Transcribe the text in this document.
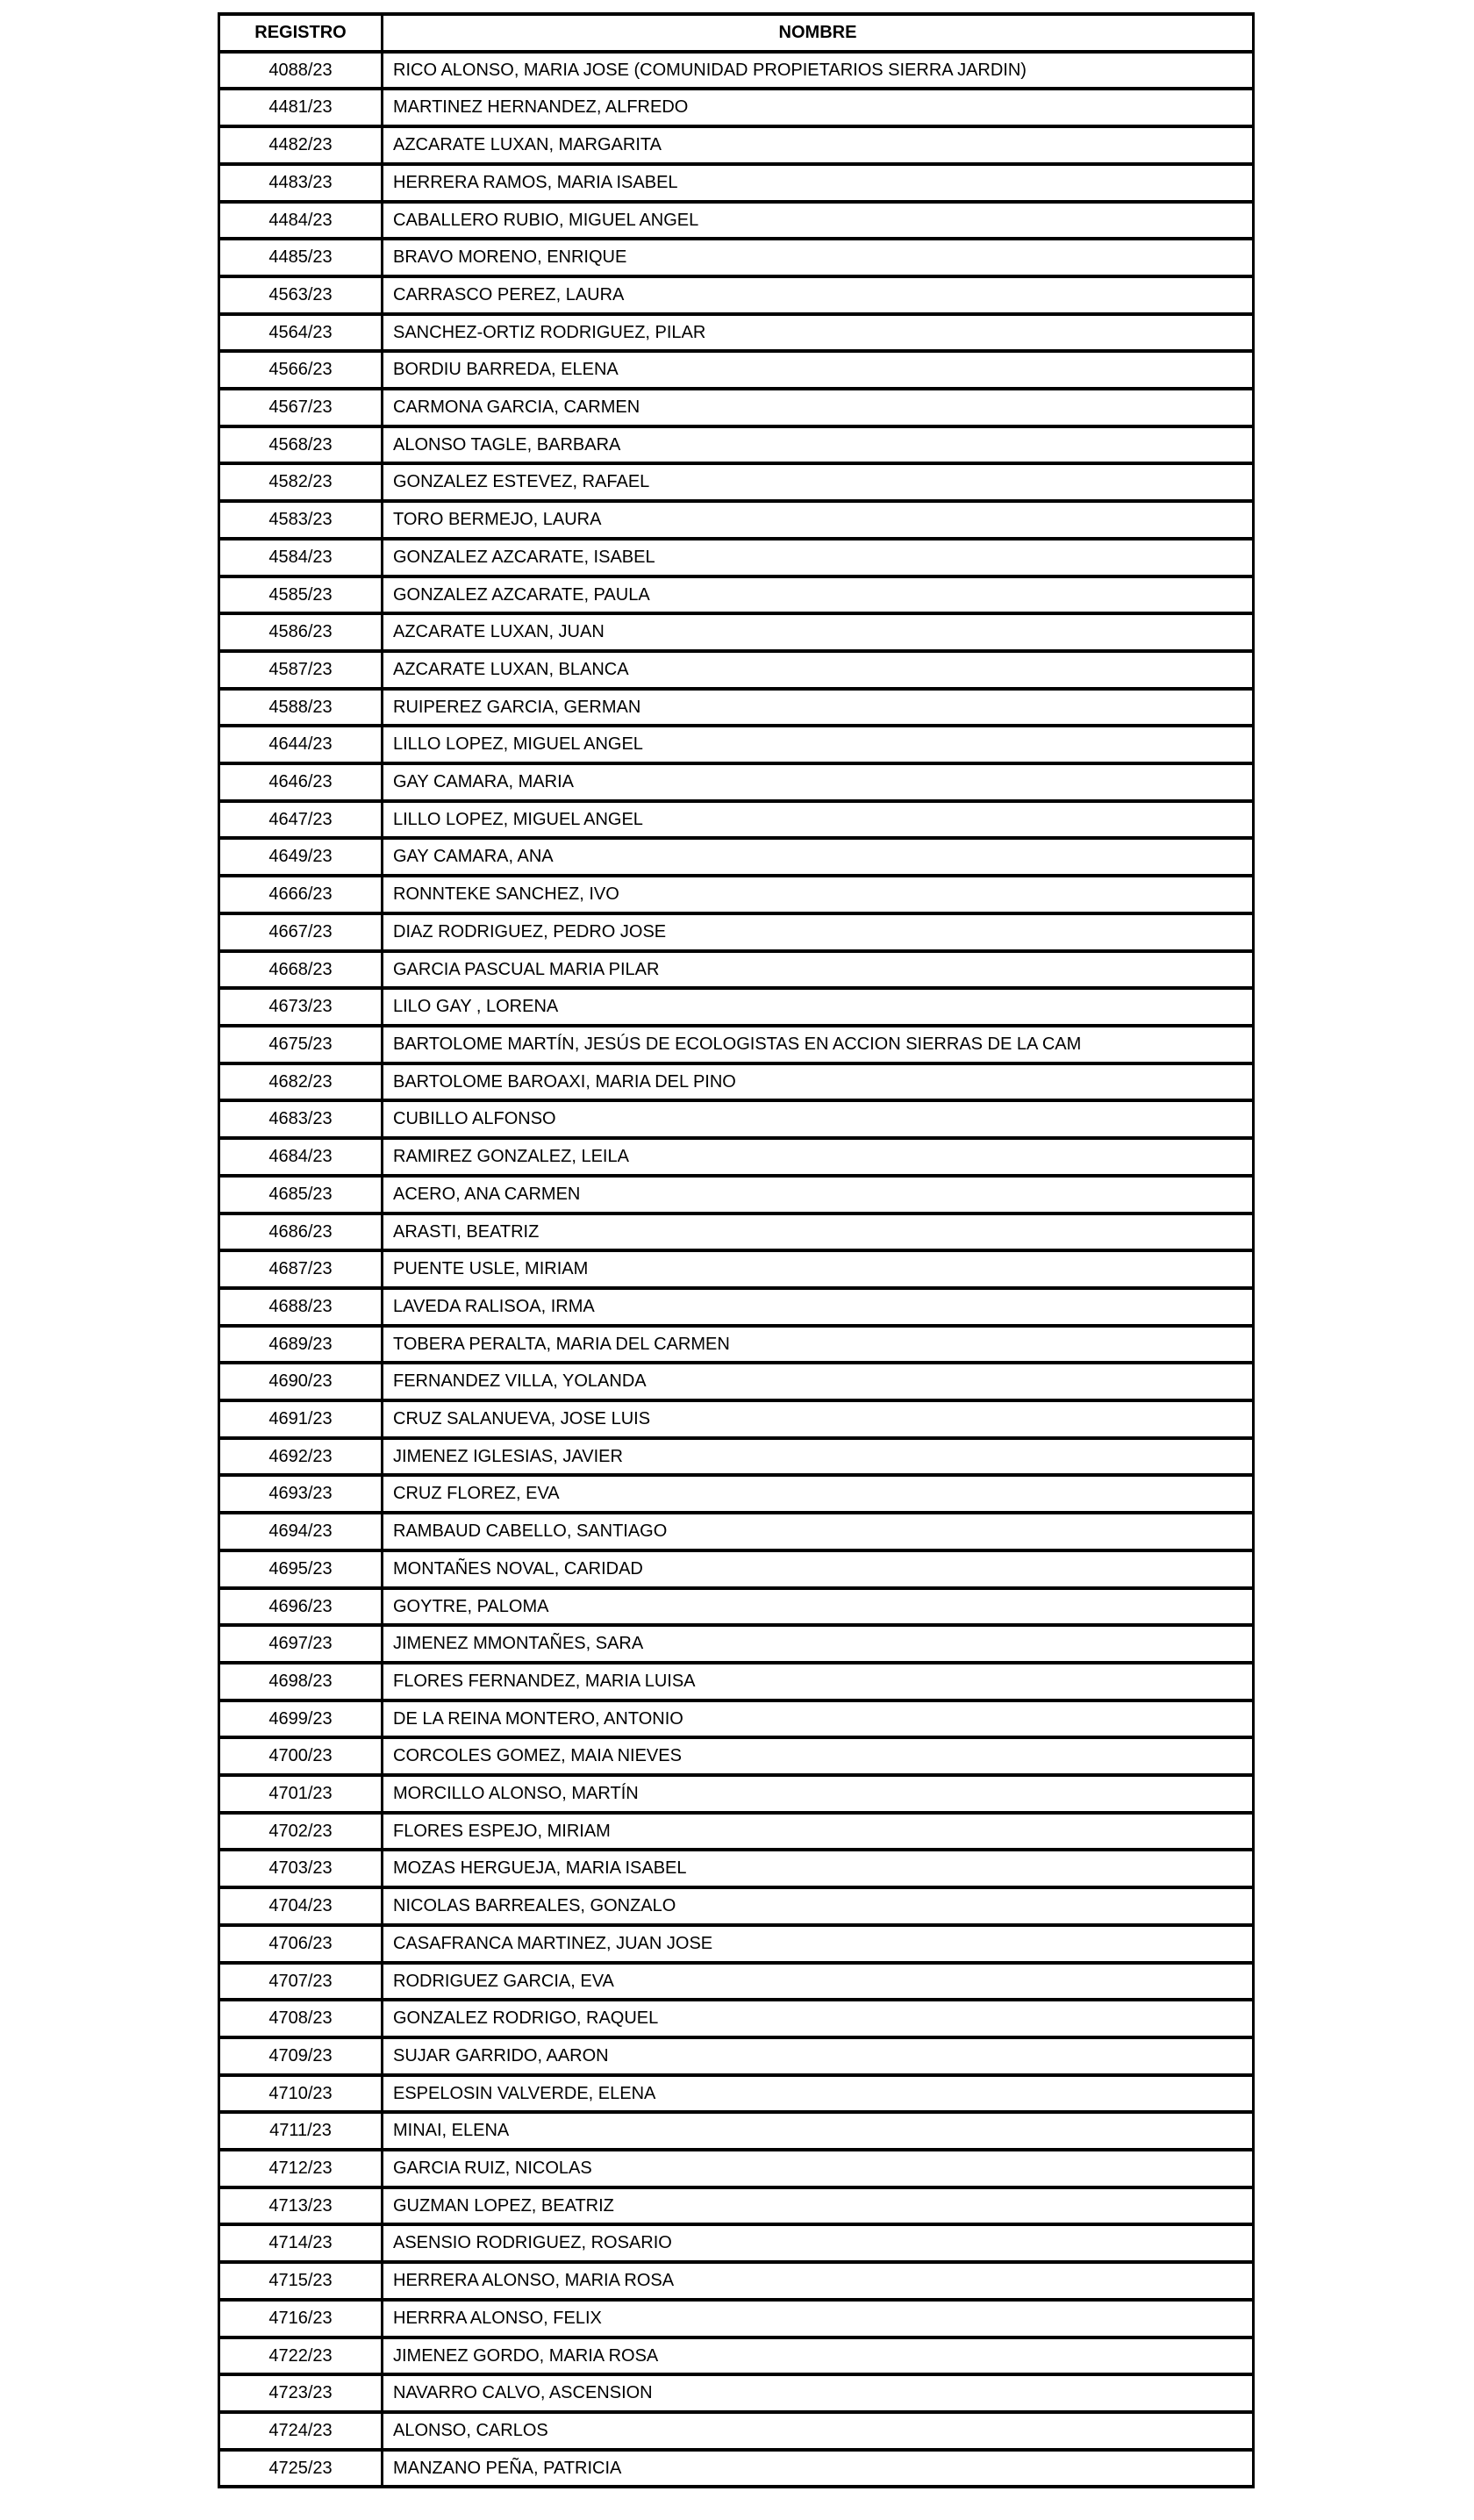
REGISTRO	NOMBRE
4088/23	RICO ALONSO, MARIA JOSE (COMUNIDAD PROPIETARIOS SIERRA JARDIN)

4481/23	MARTINEZ HERNANDEZ, ALFREDO

4482/23	AZCARATE LUXAN, MARGARITA

4483/23	HERRERA RAMOS, MARIA ISABEL

4484/23	CABALLERO RUBIO, MIGUEL ANGEL

4485/23	BRAVO MORENO, ENRIQUE

4563/23	CARRASCO PEREZ, LAURA

4564/23	SANCHEZ-ORTIZ RODRIGUEZ, PILAR

4566/23	BORDIU BARREDA, ELENA

4567/23	CARMONA GARCIA, CARMEN

4568/23	ALONSO TAGLE, BARBARA

4582/23	GONZALEZ ESTEVEZ, RAFAEL

4583/23	TORO BERMEJO, LAURA

4584/23	GONZALEZ AZCARATE, ISABEL

4585/23	GONZALEZ AZCARATE, PAULA

4586/23	AZCARATE LUXAN, JUAN

4587/23	AZCARATE LUXAN, BLANCA

4588/23	RUIPEREZ GARCIA, GERMAN

4644/23	LILLO LOPEZ, MIGUEL ANGEL

4646/23	GAY CAMARA, MARIA

4647/23	LILLO LOPEZ, MIGUEL ANGEL

4649/23	GAY CAMARA, ANA

4666/23	RONNTEKE SANCHEZ, IVO

4667/23	DIAZ RODRIGUEZ, PEDRO JOSE

4668/23	GARCIA PASCUAL MARIA PILAR

4673/23	LILO GAY , LORENA

4675/23	BARTOLOME MARTÍN, JESÚS DE ECOLOGISTAS EN ACCION SIERRAS DE LA CAM

4682/23	BARTOLOME BAROAXI, MARIA DEL PINO

4683/23	CUBILLO ALFONSO

4684/23	RAMIREZ GONZALEZ, LEILA

4685/23	ACERO, ANA CARMEN

4686/23	ARASTI, BEATRIZ

4687/23	PUENTE USLE, MIRIAM

4688/23	LAVEDA RALISOA, IRMA

4689/23	TOBERA PERALTA, MARIA DEL CARMEN

4690/23	FERNANDEZ VILLA, YOLANDA

4691/23	CRUZ SALANUEVA, JOSE LUIS

4692/23	JIMENEZ IGLESIAS, JAVIER

4693/23	CRUZ FLOREZ, EVA

4694/23	RAMBAUD CABELLO, SANTIAGO

4695/23	MONTAÑES NOVAL, CARIDAD

4696/23	GOYTRE, PALOMA

4697/23	JIMENEZ MMONTAÑES, SARA

4698/23	FLORES FERNANDEZ, MARIA LUISA

4699/23	DE LA REINA MONTERO, ANTONIO

4700/23	CORCOLES GOMEZ, MAIA NIEVES

4701/23	MORCILLO ALONSO, MARTÍN

4702/23	FLORES ESPEJO, MIRIAM

4703/23	MOZAS HERGUEJA, MARIA ISABEL

4704/23	NICOLAS BARREALES, GONZALO

4706/23	CASAFRANCA MARTINEZ, JUAN JOSE

4707/23	RODRIGUEZ GARCIA, EVA

4708/23	GONZALEZ RODRIGO, RAQUEL

4709/23	SUJAR GARRIDO, AARON

4710/23	ESPELOSIN VALVERDE, ELENA

4711/23	MINAI, ELENA

4712/23	GARCIA RUIZ, NICOLAS

4713/23	GUZMAN LOPEZ, BEATRIZ

4714/23	ASENSIO RODRIGUEZ, ROSARIO

4715/23	HERRERA ALONSO, MARIA ROSA

4716/23	HERRRA ALONSO, FELIX

4722/23	JIMENEZ GORDO, MARIA ROSA

4723/23	NAVARRO CALVO, ASCENSION

4724/23	ALONSO, CARLOS

4725/23	MANZANO PEÑA, PATRICIA
